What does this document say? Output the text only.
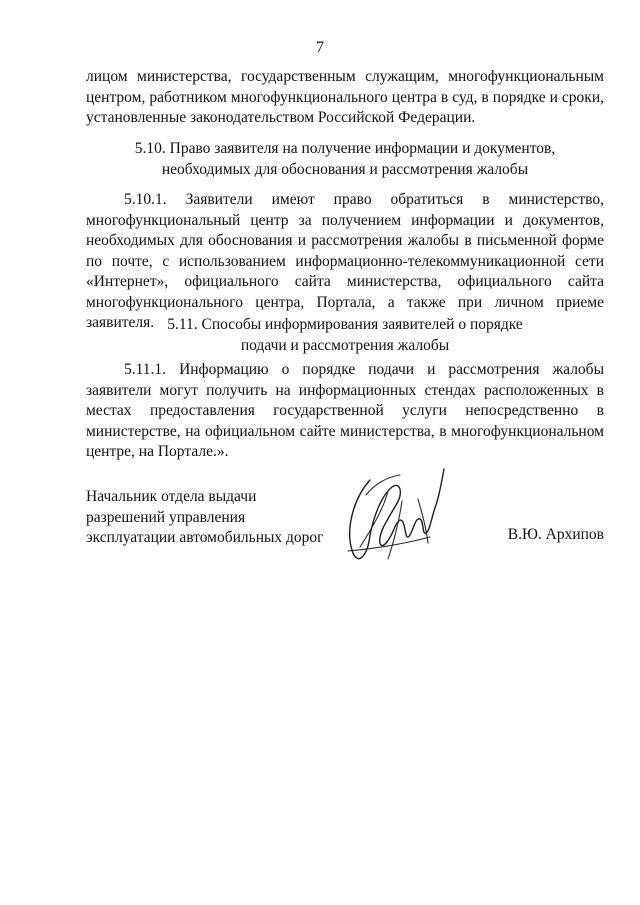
7
лицом министерства, государственным служащим, многофункциональным центром, работником многофункционального центра в суд, в порядке и сроки, установленные законодательством Российской Федерации.
5.10. Право заявителя на получение информации и документов,
необходимых для обоснования и рассмотрения жалобы
5.10.1. Заявители имеют право обратиться в министерство, многофункциональный центр за получением информации и документов, необходимых для обоснования и рассмотрения жалобы в письменной форме по почте, с использованием информационно-телекоммуникационной сети «Интернет», официального сайта министерства, официального сайта многофункционального центра, Портала, а также при личном приеме заявителя. 5.11. Способы информирования заявителей о порядке
подачи и рассмотрения жалобы
5.11.1. Информацию о порядке подачи и рассмотрения жалобы заявители могут получить на информационных стендах расположенных в местах предоставления государственной услуги непосредственно в министерстве, на официальном сайте министерства, в многофункциональном центре, на Портале.».
Начальник отдела выдачи
разрешений управления
эксплуатации автомобильных дорог	В.Ю. Архипов
